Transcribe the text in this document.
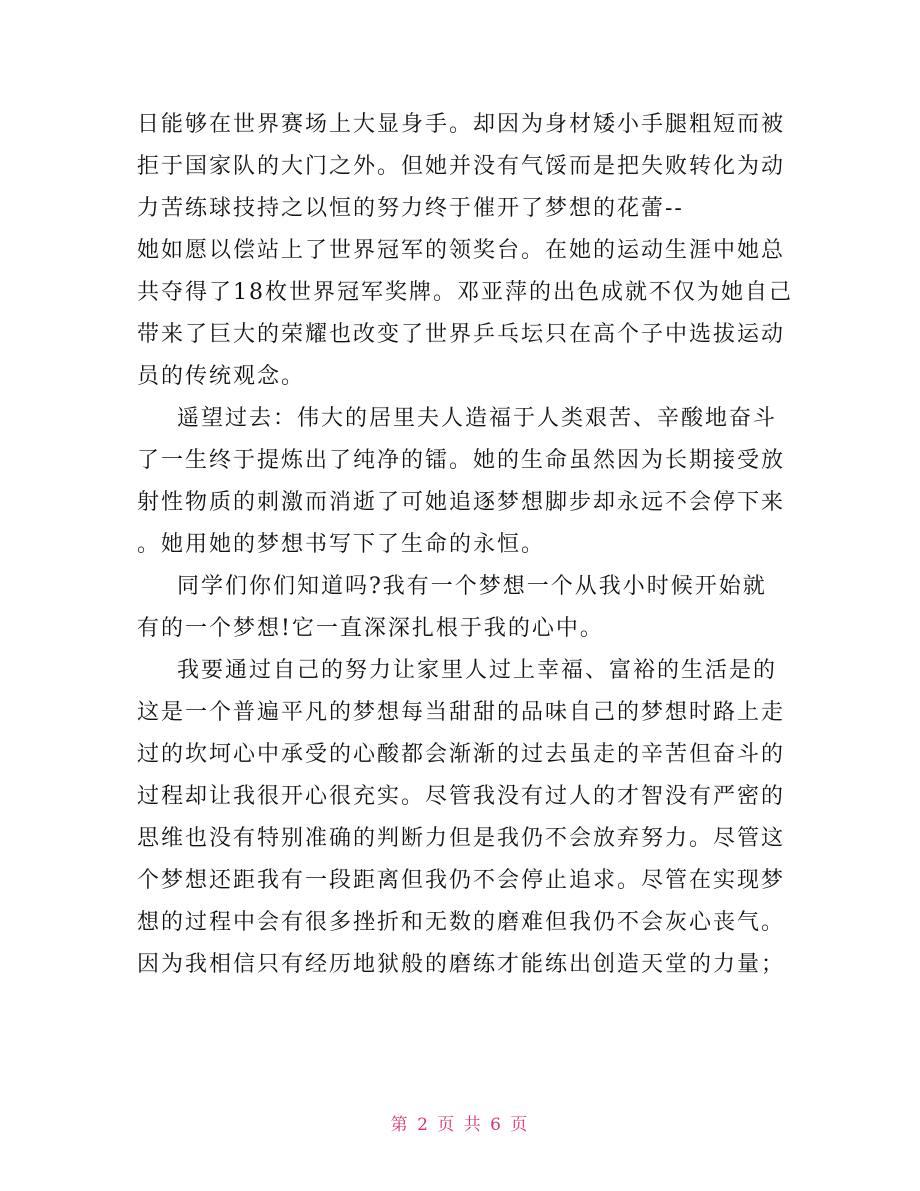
日能够在世界赛场上大显身手。却因为身材矮小手腿粗短而被
拒于国家队的大门之外。但她并没有气馁而是把失败转化为动
力苦练球技持之以恒的努力终于催开了梦想的花蕾--
她如愿以偿站上了世界冠军的领奖台。在她的运动生涯中她总
共夺得了18枚世界冠军奖牌。邓亚萍的出色成就不仅为她自己
带来了巨大的荣耀也改变了世界乒乓坛只在高个子中选拔运动
员的传统观念。
遥望过去：伟大的居里夫人造福于人类艰苦、辛酸地奋斗
了一生终于提炼出了纯净的镭。她的生命虽然因为长期接受放
射性物质的刺激而消逝了可她追逐梦想脚步却永远不会停下来
。她用她的梦想书写下了生命的永恒。
同学们你们知道吗?我有一个梦想一个从我小时候开始就
有的一个梦想!它一直深深扎根于我的心中。
我要通过自己的努力让家里人过上幸福、富裕的生活是的
这是一个普遍平凡的梦想每当甜甜的品味自己的梦想时路上走
过的坎坷心中承受的心酸都会渐渐的过去虽走的辛苦但奋斗的
过程却让我很开心很充实。尽管我没有过人的才智没有严密的
思维也没有特别准确的判断力但是我仍不会放弃努力。尽管这
个梦想还距我有一段距离但我仍不会停止追求。尽管在实现梦
想的过程中会有很多挫折和无数的磨难但我仍不会灰心丧气。
因为我相信只有经历地狱般的磨练才能练出创造天堂的力量；
第 2 页 共 6 页
